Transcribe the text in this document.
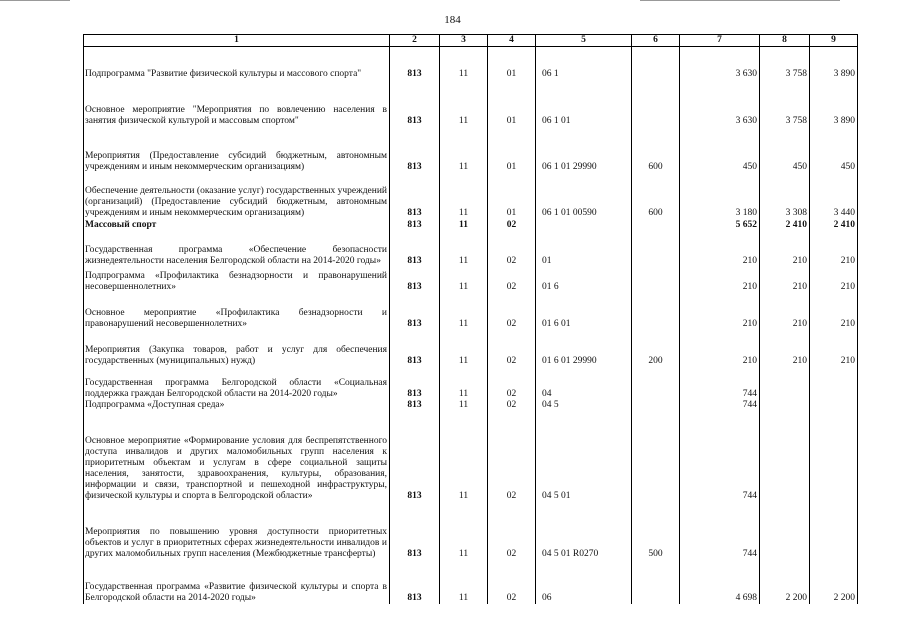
184
1	2	3	4	5	6	7	8	9
Подпрограмма "Развитие физической культуры и массового спорта"	813	11	01	06 1		3 630	3 758	3 890
Основное мероприятие "Мероприятия по вовлечению населения в занятия физической культурой и массовым спортом"	813	11	01	06 1 01		3 630	3 758	3 890
Мероприятия (Предоставление субсидий бюджетным, автономным учреждениям и иным некоммерческим организациям)	813	11	01	06 1 01 29990	600	450	450	450
Обеспечение деятельности (оказание услуг) государственных учреждений (организаций) (Предоставление субсидий бюджетным, автономным учреждениям и иным некоммерческим организациям)	813	11	01	06 1 01 00590	600	3 180	3 308	3 440
Массовый спорт	813	11	02			5 652	2 410	2 410
Государственная программа «Обеспечение безопасности жизнедеятельности населения Белгородской области на 2014-2020 годы»	813	11	02	01		210	210	210
Подпрограмма «Профилактика безнадзорности и правонарушений несовершеннолетних»	813	11	02	01 6		210	210	210
Основное мероприятие «Профилактика безнадзорности и правонарушений несовершеннолетних»	813	11	02	01 6 01		210	210	210
Мероприятия (Закупка товаров, работ и услуг для обеспечения государственных (муниципальных) нужд)	813	11	02	01 6 01 29990	200	210	210	210
Государственная программа Белгородской области «Социальная поддержка граждан Белгородской области на 2014-2020 годы»	813	11	02	04		744		
Подпрограмма «Доступная среда»	813	11	02	04 5		744		
Основное мероприятие «Формирование условия для беспрепятственного доступа инвалидов и других маломобильных групп населения к приоритетным объектам и услугам в сфере социальной защиты населения, занятости, здравоохранения, культуры, образования, информации и связи, транспортной и пешеходной инфраструктуры, физической культуры и спорта в Белгородской области»	813	11	02	04 5 01		744		
Мероприятия по повышению уровня доступности приоритетных объектов и услуг в приоритетных сферах жизнедеятельности инвалидов и других маломобильных групп населения (Межбюджетные трансферты)	813	11	02	04 5 01 R0270	500	744		
Государственная программа «Развитие физической культуры и спорта в Белгородской области на 2014-2020 годы»	813	11	02	06		4 698	2 200	2 200
